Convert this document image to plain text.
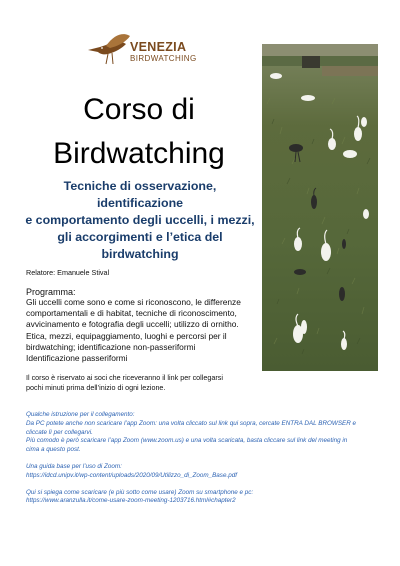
VENEZIA
BIRDWATCHING
Corso di
Birdwatching
Tecniche di osservazione, identificazione
e comportamento degli uccelli, i mezzi,
gli accorgimenti e l’etica del
birdwatching
Relatore: Emanuele Stival
Programma:
Gli uccelli come sono e come si riconoscono, le differenze
comportamentali e di habitat, tecniche di riconoscimento,
avvicinamento e fotografia degli uccelli; utilizzo di ornitho.
Etica, mezzi, equipaggiamento, luoghi e percorsi per il
birdwatching; identificazione non-passeriformi
Identificazione passeriformi
Il corso è riservato ai soci che riceveranno il link per collegarsi
pochi minuti prima dell’inizio di ogni lezione.
Qualche istruzione per il collegamento:
Da PC potete anche non scaricare l’app Zoom: una volta cliccato sul link qui sopra, cercate ENTRA DAL BROWSER e
cliccate lì per collegarvi.
Più comodo è però scaricare l’app Zoom (www.zoom.us) e una volta scaricata, basta cliccare sul link del meeting in
cima a questo post.
Una guida base per l’uso di Zoom:
https://idcd.unipv.it/wp-content/uploads/2020/09/Utilizzo_di_Zoom_Base.pdf
Qui si spiega come scaricare (e più sotto come usare) Zoom su smartphone e pc:
https://www.aranzulla.it/come-usare-zoom-meeting-1203716.html#chapter2
